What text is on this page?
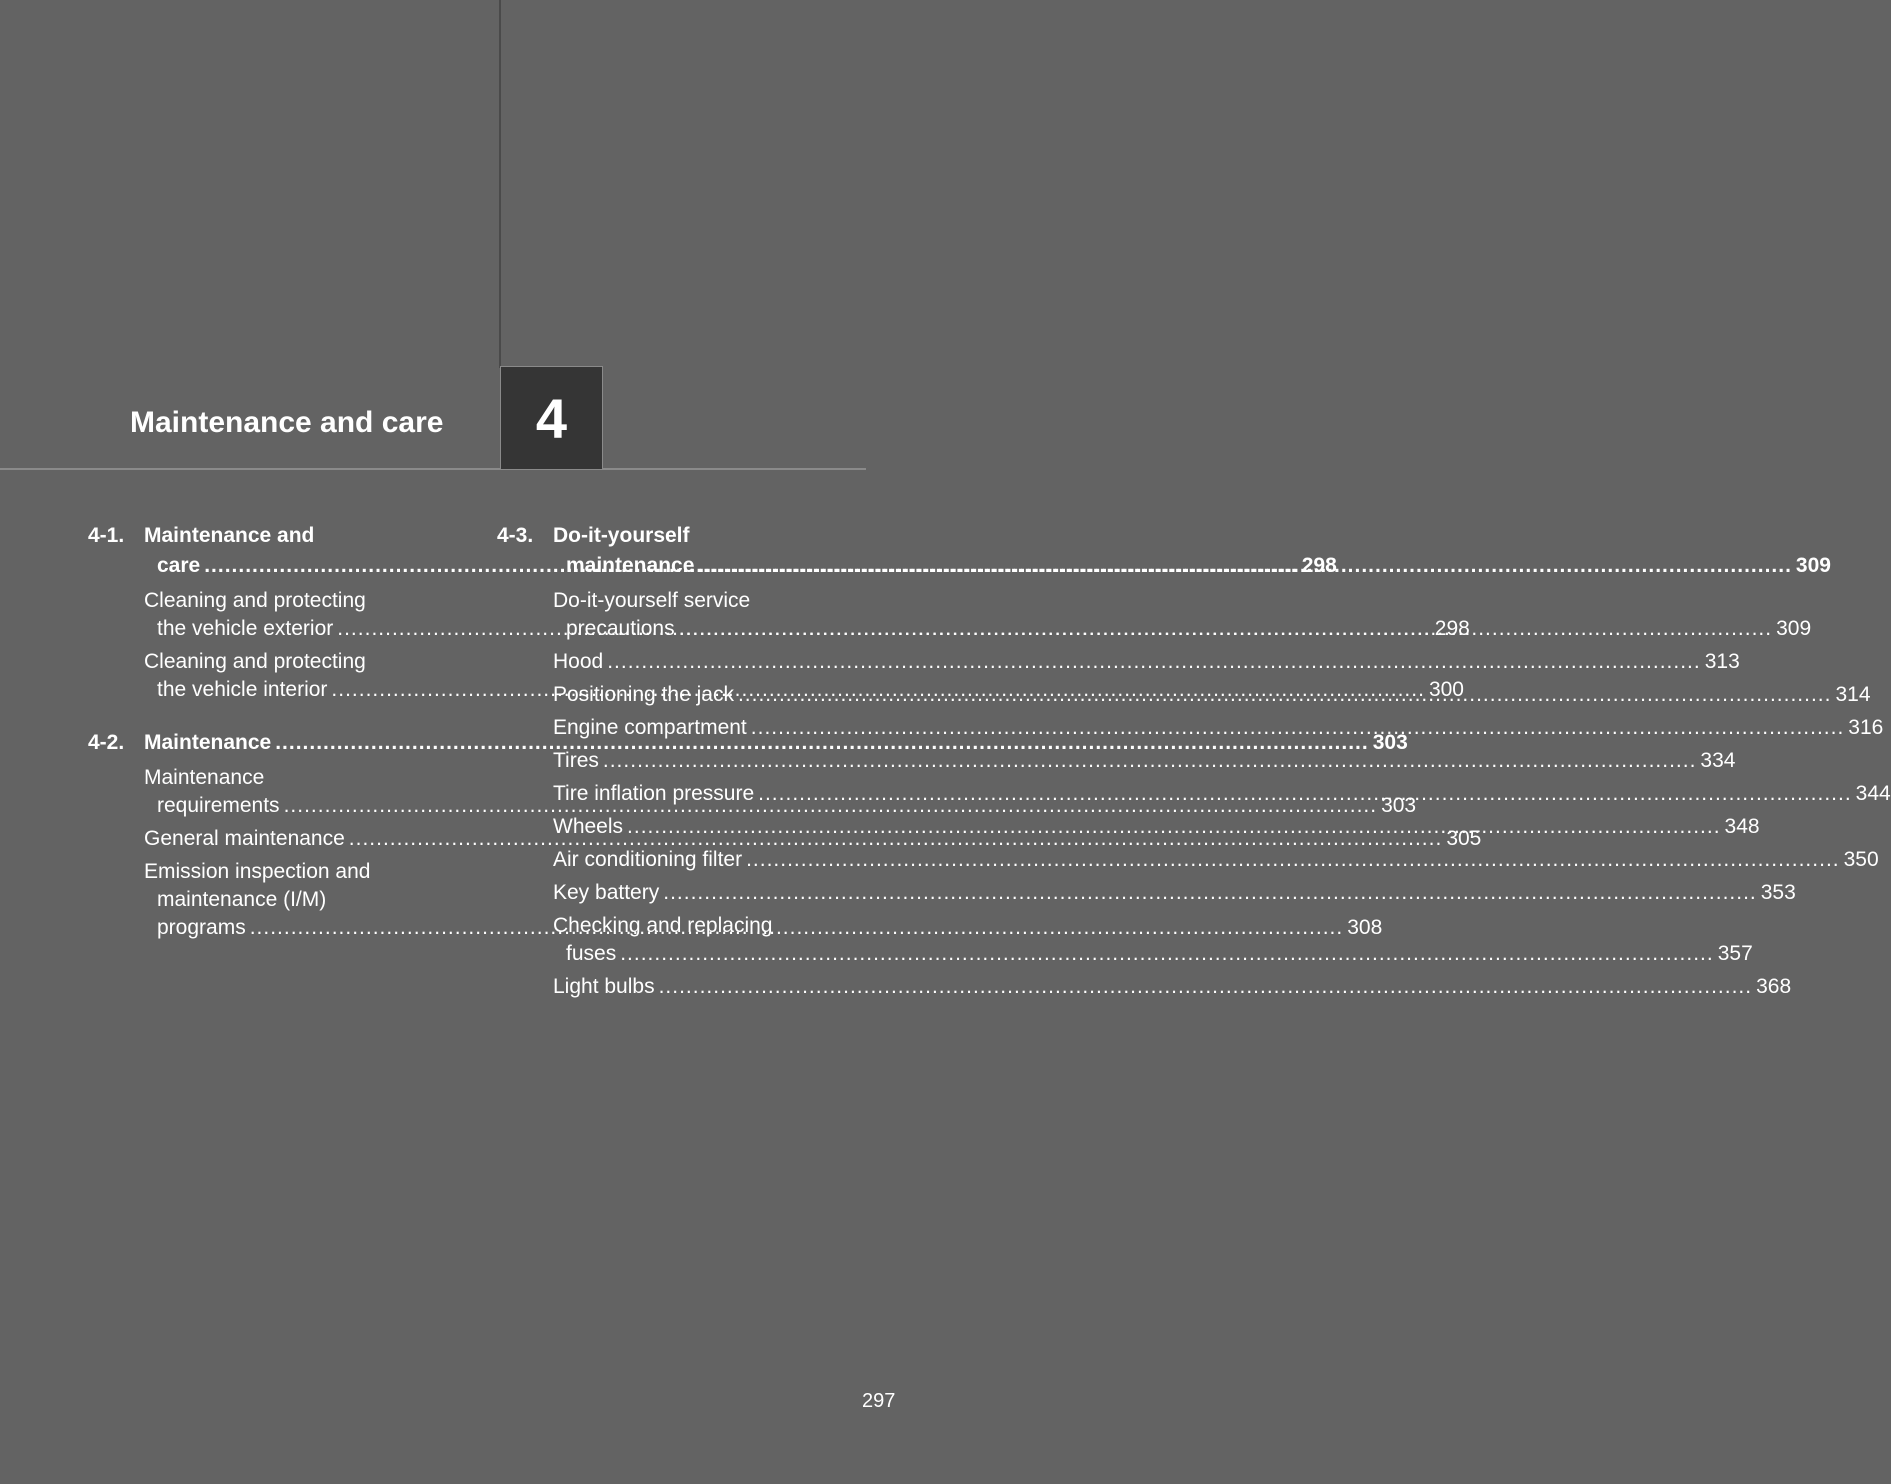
Maintenance and care 4
4-1. Maintenance and
care .....	298
Cleaning and protecting
the vehicle exterior .....	298
Cleaning and protecting
the vehicle interior .....	300
4-2. Maintenance .....	303
Maintenance
requirements .....	303
General maintenance .....	305
Emission inspection and
maintenance (I/M)
programs .....	308
4-3. Do-it-yourself
maintenance .....	309
Do-it-yourself service
precautions .....	309
Hood .....	313
Positioning the jack .....	314
Engine compartment .....	316
Tires .....	334
Tire inflation pressure .....	344
Wheels .....	348
Air conditioning filter .....	350
Key battery .....	353
Checking and replacing
fuses .....	357
Light bulbs .....	368
297
